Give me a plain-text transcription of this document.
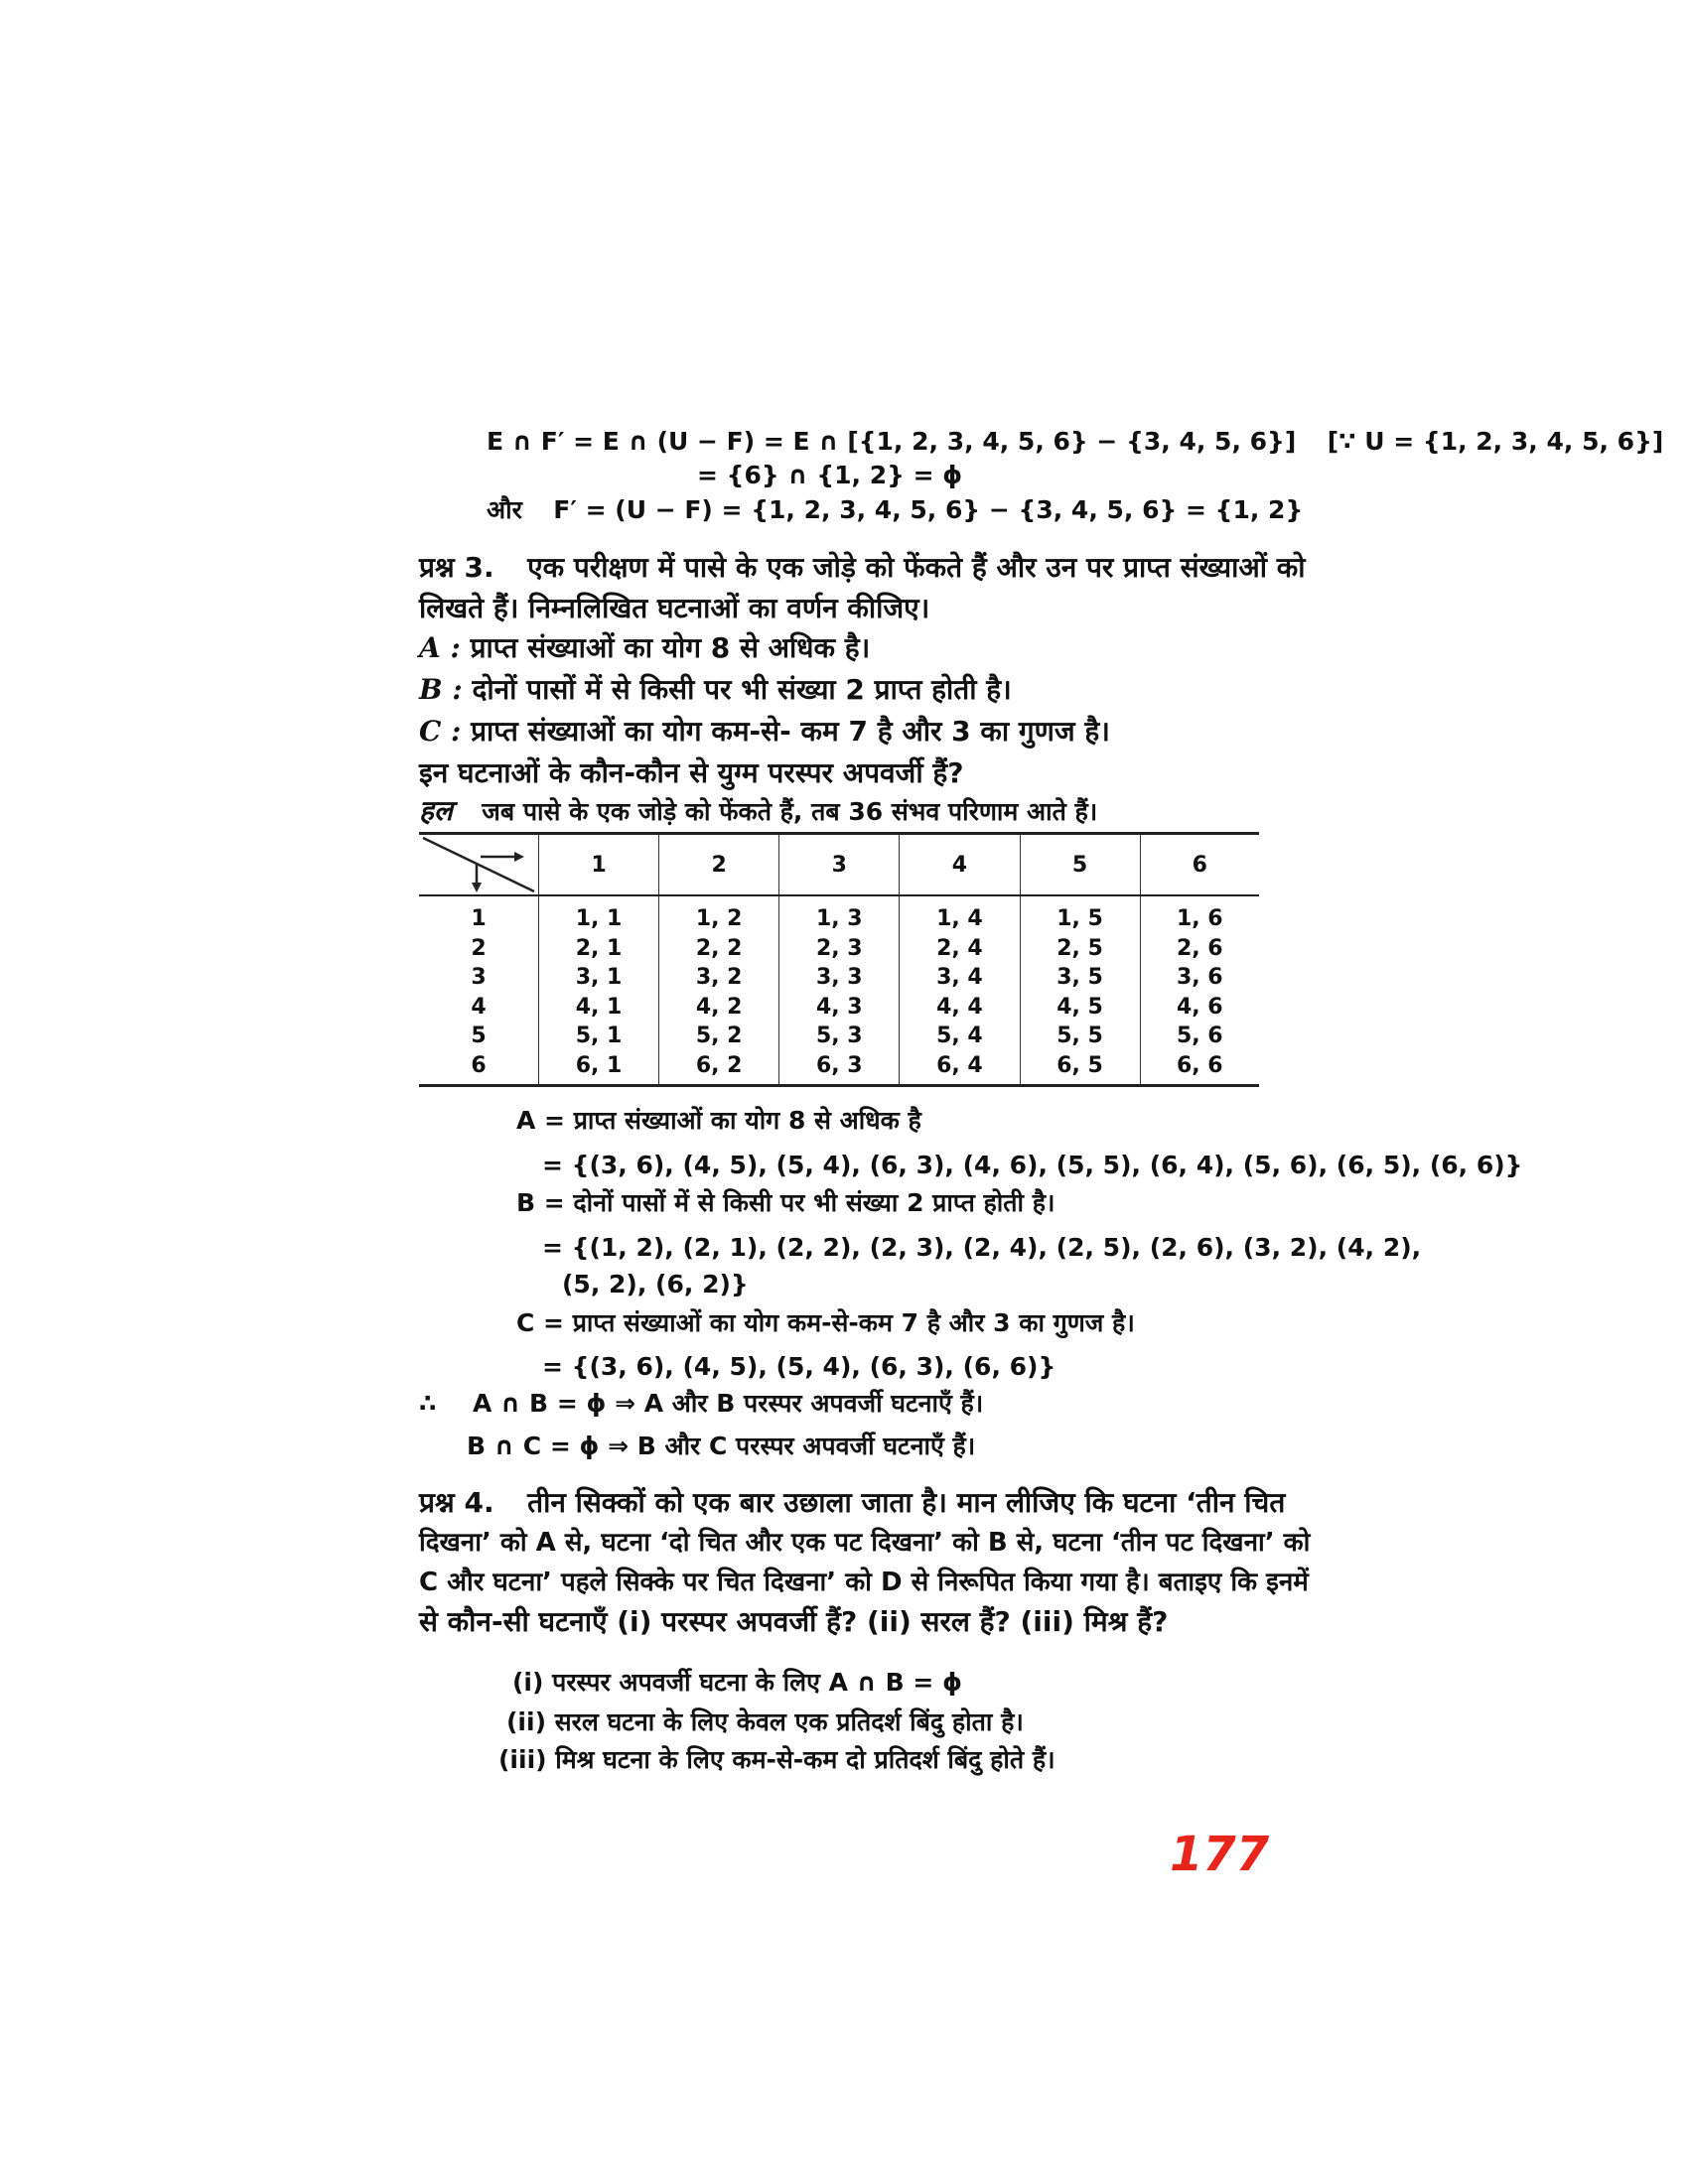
E ∩ F′ = E ∩ (U − F) = E ∩ [{1, 2, 3, 4, 5, 6} − {3, 4, 5, 6}] [∵ U = {1, 2, 3, 4, 5, 6}]
= {6} ∩ {1, 2} = ϕ
और F′ = (U − F) = {1, 2, 3, 4, 5, 6} − {3, 4, 5, 6} = {1, 2}
प्रश्न 3. एक परीक्षण में पासे के एक जोड़े को फेंकते हैं और उन पर प्राप्त संख्याओं को
लिखते हैं। निम्नलिखित घटनाओं का वर्णन कीजिए।
A : प्राप्त संख्याओं का योग 8 से अधिक है।
B : दोनों पासों में से किसी पर भी संख्या 2 प्राप्त होती है।
C : प्राप्त संख्याओं का योग कम-से- कम 7 है और 3 का गुणज है।
इन घटनाओं के कौन-कौन से युग्म परस्पर अपवर्जी हैं?
हल जब पासे के एक जोड़े को फेंकते हैं, तब 36 संभव परिणाम आते हैं।
	1	2	3	4	5	6
1	1, 1	1, 2	1, 3	1, 4	1, 5	1, 6
2	2, 1	2, 2	2, 3	2, 4	2, 5	2, 6
3	3, 1	3, 2	3, 3	3, 4	3, 5	3, 6
4	4, 1	4, 2	4, 3	4, 4	4, 5	4, 6
5	5, 1	5, 2	5, 3	5, 4	5, 5	5, 6
6	6, 1	6, 2	6, 3	6, 4	6, 5	6, 6
A = प्राप्त संख्याओं का योग 8 से अधिक है
= {(3, 6), (4, 5), (5, 4), (6, 3), (4, 6), (5, 5), (6, 4), (5, 6), (6, 5), (6, 6)}
B = दोनों पासों में से किसी पर भी संख्या 2 प्राप्त होती है।
= {(1, 2), (2, 1), (2, 2), (2, 3), (2, 4), (2, 5), (2, 6), (3, 2), (4, 2),
(5, 2), (6, 2)}
C = प्राप्त संख्याओं का योग कम-से-कम 7 है और 3 का गुणज है।
= {(3, 6), (4, 5), (5, 4), (6, 3), (6, 6)}
∴ A ∩ B = ϕ ⇒ A और B परस्पर अपवर्जी घटनाएँ हैं।
B ∩ C = ϕ ⇒ B और C परस्पर अपवर्जी घटनाएँ हैं।
प्रश्न 4. तीन सिक्कों को एक बार उछाला जाता है। मान लीजिए कि घटना ‘तीन चित
दिखना’ को A से, घटना ‘दो चित और एक पट दिखना’ को B से, घटना ‘तीन पट दिखना’ को
C और घटना’ पहले सिक्के पर चित दिखना’ को D से निरूपित किया गया है। बताइए कि इनमें
से कौन-सी घटनाएँ (i) परस्पर अपवर्जी हैं? (ii) सरल हैं? (iii) मिश्र हैं?
(i) परस्पर अपवर्जी घटना के लिए A ∩ B = ϕ
(ii) सरल घटना के लिए केवल एक प्रतिदर्श बिंदु होता है।
(iii) मिश्र घटना के लिए कम-से-कम दो प्रतिदर्श बिंदु होते हैं।
177
